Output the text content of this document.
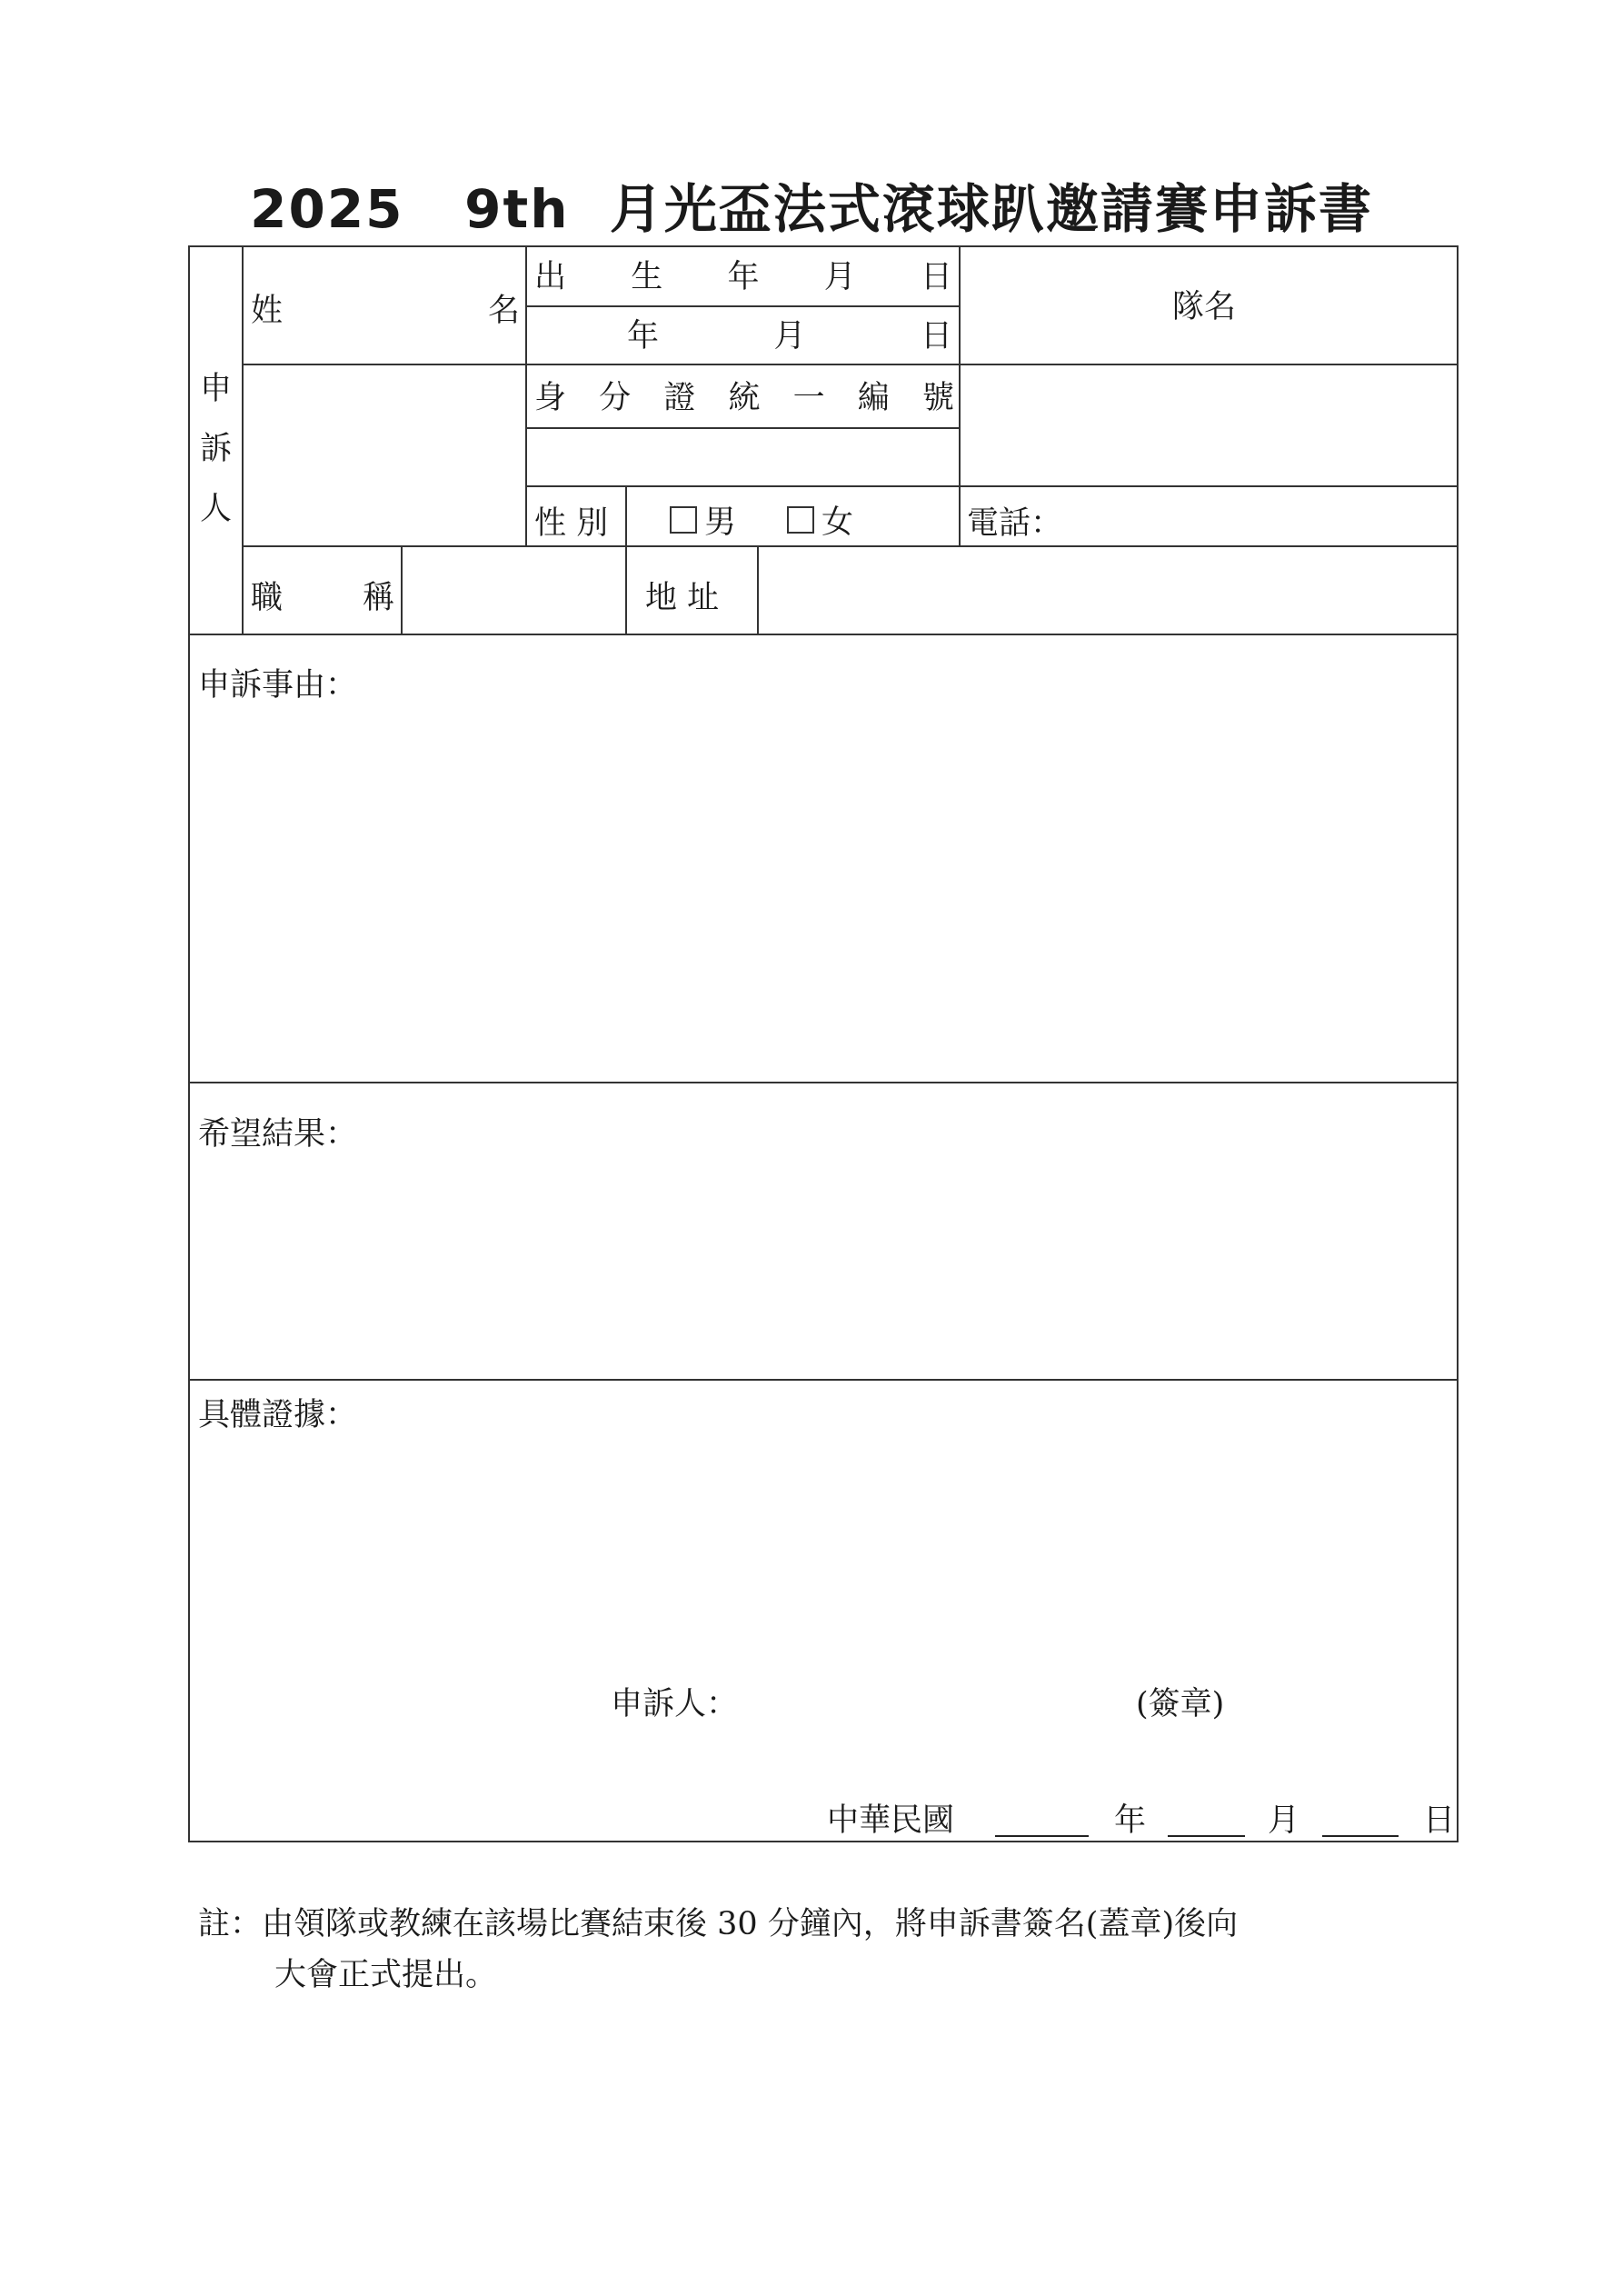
2025   9th  月光盃法式滾球趴邀請賽申訴書
申
訴
人
姓	名
出 生 年 月 日
年	月	日
隊名
身 分 證 統 一 編 號
性 別	男	女	電話：
職	稱	地 址
申訴事由：
希望結果：
具體證據：
申訴人：	(簽章)
中華民國	年	月	日
註：由領隊或教練在該場比賽結束後 30 分鐘內，將申訴書簽名(蓋章)後向
大會正式提出。
